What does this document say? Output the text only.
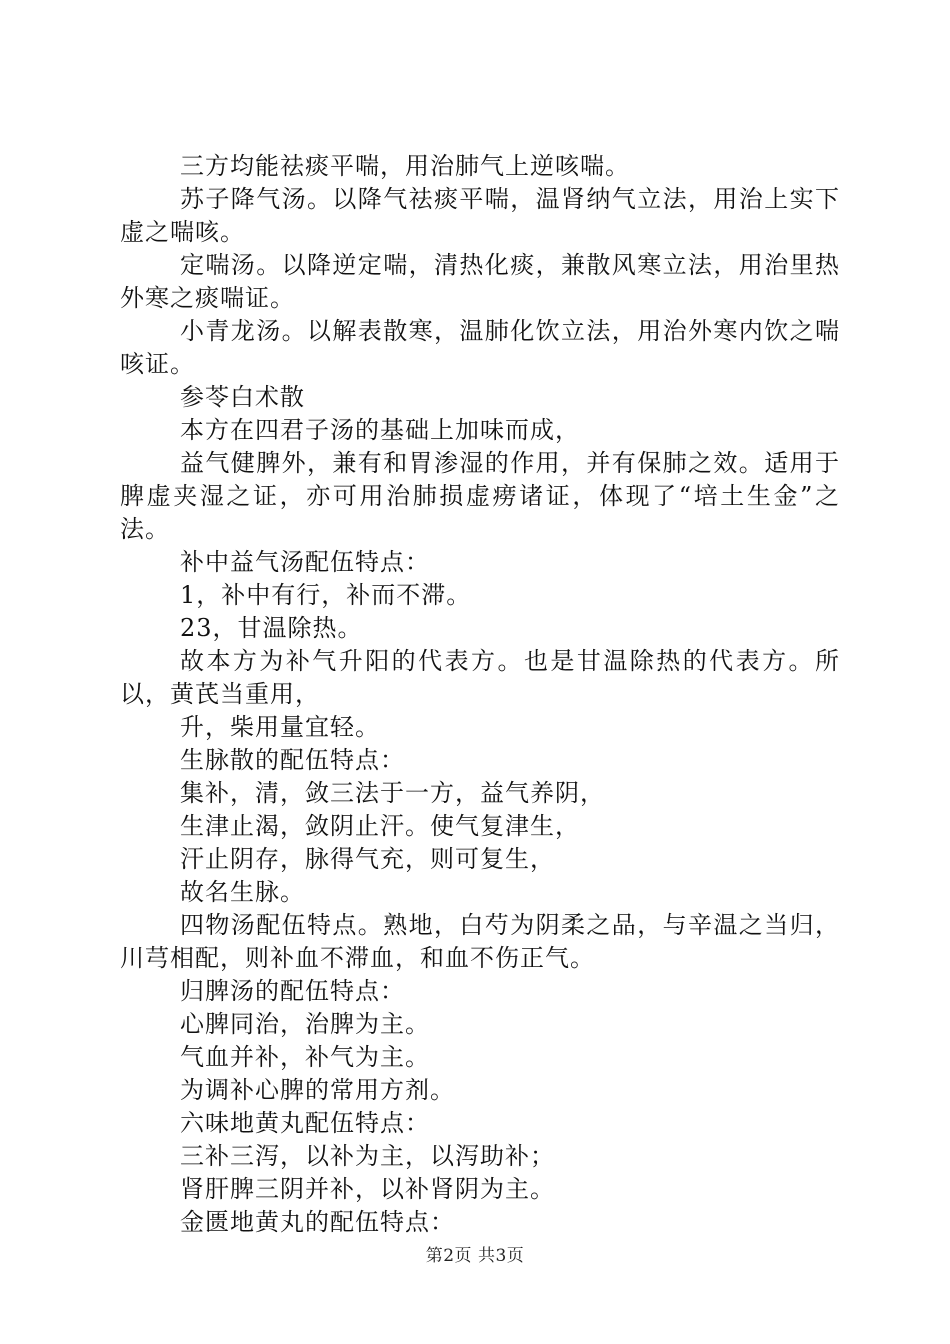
三方均能祛痰平喘，用治肺气上逆咳喘。

苏子降气汤。以降气祛痰平喘，温肾纳气立法，用治上实下虚之喘咳。

定喘汤。以降逆定喘，清热化痰，兼散风寒立法，用治里热外寒之痰喘证。

小青龙汤。以解表散寒，温肺化饮立法，用治外寒内饮之喘咳证。

参苓白术散

本方在四君子汤的基础上加味而成，

益气健脾外，兼有和胃渗湿的作用，并有保肺之效。适用于脾虚夹湿之证，亦可用治肺损虚痨诸证，体现了“培土生金”之法。

补中益气汤配伍特点：

1，补中有行，补而不滞。

23，甘温除热。

故本方为补气升阳的代表方。也是甘温除热的代表方。所以，黄芪当重用，

升，柴用量宜轻。

生脉散的配伍特点：

集补，清，敛三法于一方，益气养阴，

生津止渴，敛阴止汗。使气复津生，

汗止阴存，脉得气充，则可复生，

故名生脉。

四物汤配伍特点。熟地，白芍为阴柔之品，与辛温之当归，川芎相配，则补血不滞血，和血不伤正气。

归脾汤的配伍特点：

心脾同治，治脾为主。

气血并补，补气为主。

为调补心脾的常用方剂。

六味地黄丸配伍特点：

三补三泻，以补为主，以泻助补；

肾肝脾三阴并补，以补肾阴为主。

金匮地黄丸的配伍特点：

第2页 共3页
